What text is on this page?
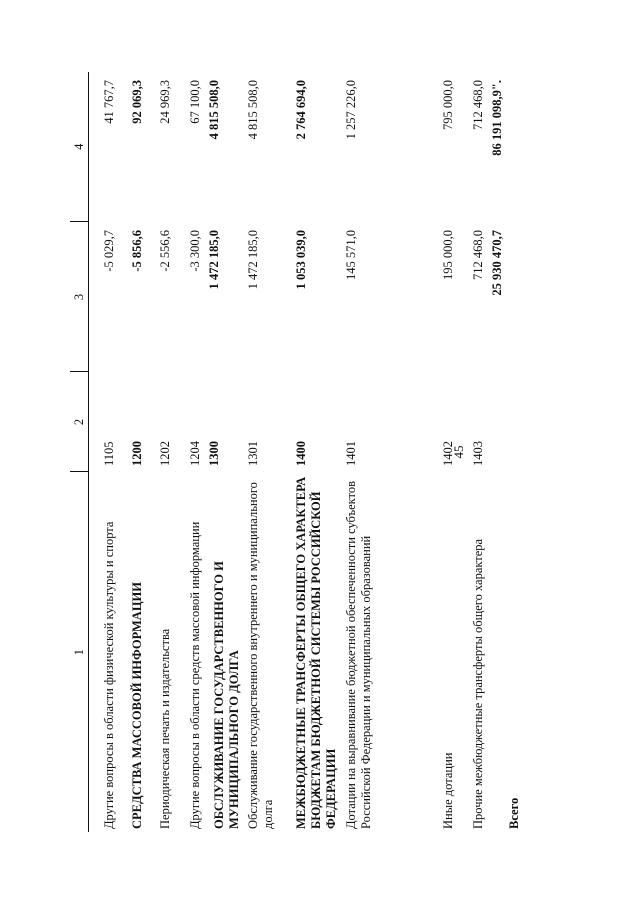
45
1	2	3	4
Другие вопросы в области физической культуры и спорта	1105	-5 029,7	41 767,7
СРЕДСТВА МАССОВОЙ ИНФОРМАЦИИ	1200	-5 856,6	92 069,3
Периодическая печать и издательства	1202	-2 556,6	24 969,3
Другие вопросы в области средств массовой информации	1204	-3 300,0	67 100,0
ОБСЛУЖИВАНИЕ ГОСУДАРСТВЕННОГО И МУНИЦИПАЛЬНОГО ДОЛГА	1300	1 472 185,0	4 815 508,0
Обслуживание государственного внутреннего и муниципального долга	1301	1 472 185,0	4 815 508,0
МЕЖБЮДЖЕТНЫЕ ТРАНСФЕРТЫ ОБЩЕГО ХАРАКТЕРА БЮДЖЕТАМ БЮДЖЕТНОЙ СИСТЕМЫ РОССИЙСКОЙ ФЕДЕРАЦИИ	1400	1 053 039,0	2 764 694,0
Дотации на выравнивание бюджетной обеспеченности субъектов Российской Федерации и муниципальных образований	1401	145 571,0	1 257 226,0
Иные дотации	1402	195 000,0	795 000,0
Прочие межбюджетные трансферты общего характера	1403	712 468,0	712 468,0
Всего		25 930 470,7	86 191 098,9".
